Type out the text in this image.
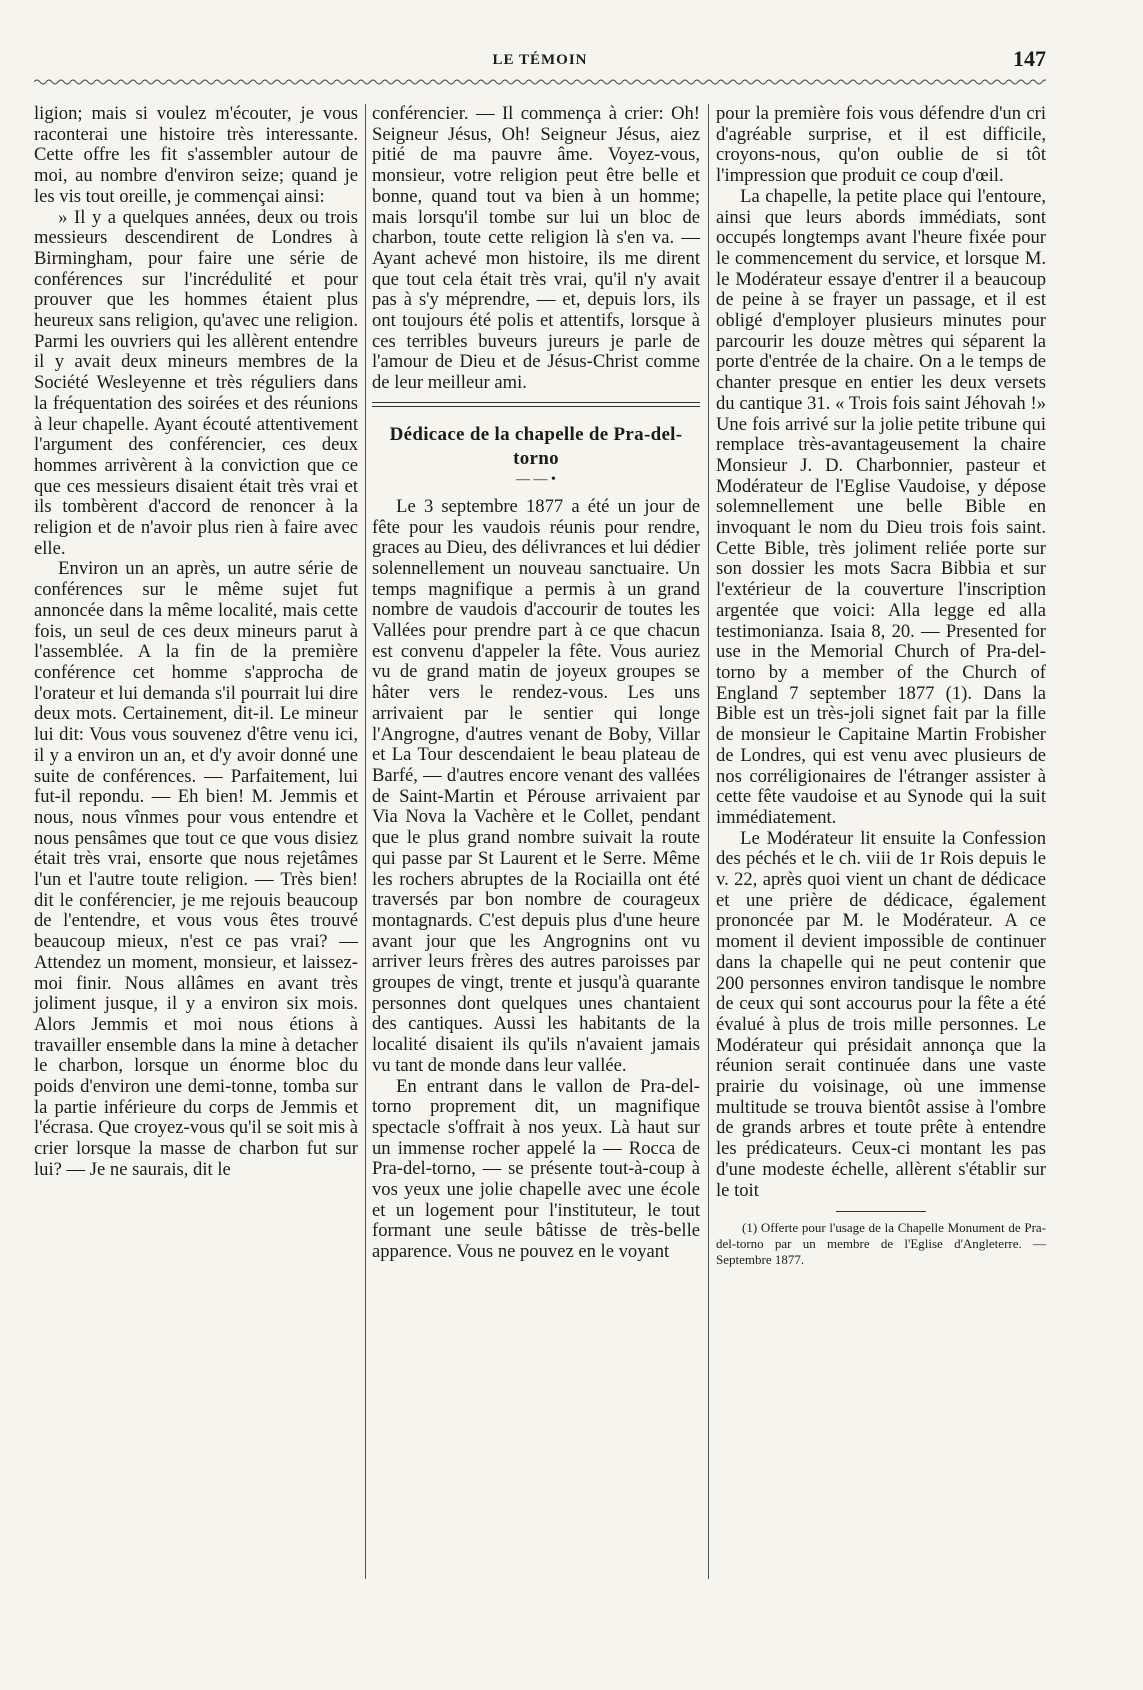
LE TÉMOIN	147

ligion; mais si voulez m'écouter, je vous raconterai une histoire très interessante. Cette offre les fit s'assembler autour de moi, au nombre d'environ seize; quand je les vis tout oreille, je commençai ainsi:

» Il y a quelques années, deux ou trois messieurs descendirent de Londres à Birmingham, pour faire une série de conférences sur l'incrédulité et pour prouver que les hommes étaient plus heureux sans religion, qu'avec une religion. Parmi les ouvriers qui les allèrent entendre il y avait deux mineurs membres de la Société Wesleyenne et très réguliers dans la fréquentation des soirées et des réunions à leur chapelle. Ayant écouté attentivement l'argument des conférencier, ces deux hommes arrivèrent à la conviction que ce que ces messieurs disaient était très vrai et ils tombèrent d'accord de renoncer à la religion et de n'avoir plus rien à faire avec elle.

Environ un an après, un autre série de conférences sur le même sujet fut annoncée dans la même localité, mais cette fois, un seul de ces deux mineurs parut à l'assemblée. A la fin de la première conférence cet homme s'approcha de l'orateur et lui demanda s'il pourrait lui dire deux mots. Certainement, dit-il. Le mineur lui dit: Vous vous souvenez d'être venu ici, il y a environ un an, et d'y avoir donné une suite de conférences. — Parfaitement, lui fut-il repondu. — Eh bien! M. Jemmis et nous, nous vînmes pour vous entendre et nous pensâmes que tout ce que vous disiez était très vrai, ensorte que nous rejetâmes l'un et l'autre toute religion. — Très bien! dit le conférencier, je me rejouis beaucoup de l'entendre, et vous vous êtes trouvé beaucoup mieux, n'est ce pas vrai? — Attendez un moment, monsieur, et laissez-moi finir. Nous allâmes en avant très joliment jusque, il y a environ six mois. Alors Jemmis et moi nous étions à travailler ensemble dans la mine à detacher le charbon, lorsque un énorme bloc du poids d'environ une demi-tonne, tomba sur la partie inférieure du corps de Jemmis et l'écrasa. Que croyez-vous qu'il se soit mis à crier lorsque la masse de charbon fut sur lui? — Je ne saurais, dit le

conférencier. — Il commença à crier: Oh! Seigneur Jésus, Oh! Seigneur Jésus, aiez pitié de ma pauvre âme. Voyez-vous, monsieur, votre religion peut être belle et bonne, quand tout va bien à un homme; mais lorsqu'il tombe sur lui un bloc de charbon, toute cette religion là s'en va. — Ayant achevé mon histoire, ils me dirent que tout cela était très vrai, qu'il n'y avait pas à s'y méprendre, — et, depuis lors, ils ont toujours été polis et attentifs, lorsque à ces terribles buveurs jureurs je parle de l'amour de Dieu et de Jésus-Christ comme de leur meilleur ami.

Dédicace de la chapelle de Pra-del-torno
— — •

Le 3 septembre 1877 a été un jour de fête pour les vaudois réunis pour rendre, graces au Dieu, des délivrances et lui dédier solennellement un nouveau sanctuaire. Un temps magnifique a permis à un grand nombre de vaudois d'accourir de toutes les Vallées pour prendre part à ce que chacun est convenu d'appeler la fête. Vous auriez vu de grand matin de joyeux groupes se hâter vers le rendez-vous. Les uns arrivaient par le sentier qui longe l'Angrogne, d'autres venant de Boby, Villar et La Tour descendaient le beau plateau de Barfé, — d'autres encore venant des vallées de Saint-Martin et Pérouse arrivaient par Via Nova la Vachère et le Collet, pendant que le plus grand nombre suivait la route qui passe par St Laurent et le Serre. Même les rochers abruptes de la Rociailla ont été traversés par bon nombre de courageux montagnards. C'est depuis plus d'une heure avant jour que les Angrognins ont vu arriver leurs frères des autres paroisses par groupes de vingt, trente et jusqu'à quarante personnes dont quelques unes chantaient des cantiques. Aussi les habitants de la localité disaient ils qu'ils n'avaient jamais vu tant de monde dans leur vallée.

En entrant dans le vallon de Pra-del-torno proprement dit, un magnifique spectacle s'offrait à nos yeux. Là haut sur un immense rocher appelé la — Rocca de Pra-del-torno, — se présente tout-à-coup à vos yeux une jolie chapelle avec une école et un logement pour l'instituteur, le tout formant une seule bâtisse de très-belle apparence. Vous ne pouvez en le voyant

pour la première fois vous défendre d'un cri d'agréable surprise, et il est difficile, croyons-nous, qu'on oublie de si tôt l'impression que produit ce coup d'œil.

La chapelle, la petite place qui l'entoure, ainsi que leurs abords immédiats, sont occupés longtemps avant l'heure fixée pour le commencement du service, et lorsque M. le Modérateur essaye d'entrer il a beaucoup de peine à se frayer un passage, et il est obligé d'employer plusieurs minutes pour parcourir les douze mètres qui séparent la porte d'entrée de la chaire. On a le temps de chanter presque en entier les deux versets du cantique 31. « Trois fois saint Jéhovah !» Une fois arrivé sur la jolie petite tribune qui remplace très-avantageusement la chaire Monsieur J. D. Charbonnier, pasteur et Modérateur de l'Eglise Vaudoise, y dépose solemnellement une belle Bible en invoquant le nom du Dieu trois fois saint. Cette Bible, très joliment reliée porte sur son dossier les mots Sacra Bibbia et sur l'extérieur de la couverture l'inscription argentée que voici: Alla legge ed alla testimonianza. Isaia 8, 20. — Presented for use in the Memorial Church of Pra-del-torno by a member of the Church of England 7 september 1877 (1). Dans la Bible est un très-joli signet fait par la fille de monsieur le Capitaine Martin Frobisher de Londres, qui est venu avec plusieurs de nos corréligionaires de l'étranger assister à cette fête vaudoise et au Synode qui la suit immédiatement.

Le Modérateur lit ensuite la Confession des péchés et le ch. viii de 1r Rois depuis le v. 22, après quoi vient un chant de dédicace et une prière de dédicace, également prononcée par M. le Modérateur. A ce moment il devient impossible de continuer dans la chapelle qui ne peut contenir que 200 personnes environ tandisque le nombre de ceux qui sont accourus pour la fête a été évalué à plus de trois mille personnes. Le Modérateur qui présidait annonça que la réunion serait continuée dans une vaste prairie du voisinage, où une immense multitude se trouva bientôt assise à l'ombre de grands arbres et toute prête à entendre les prédicateurs. Ceux-ci montant les pas d'une modeste échelle, allèrent s'établir sur le toit

(1) Offerte pour l'usage de la Chapelle Monument de Pra-del-torno par un membre de l'Eglise d'Angleterre. — Septembre 1877.
